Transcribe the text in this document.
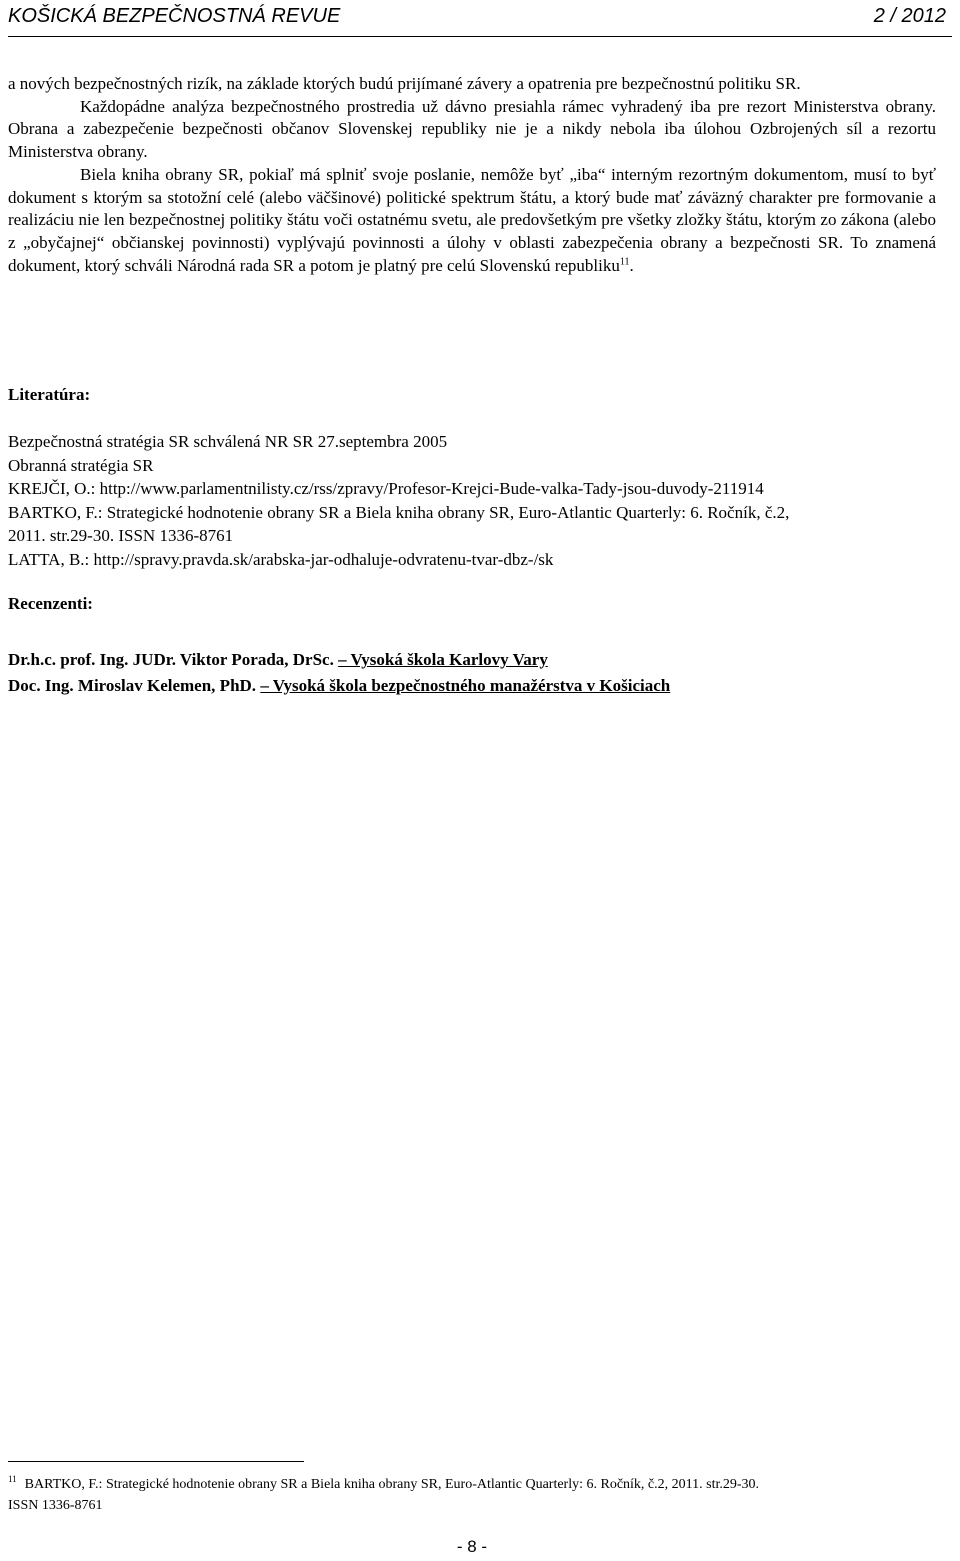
KOŠICKÁ BEZPEČNOSTNÁ REVUE	2 / 2012

a nových bezpečnostných rizík, na základe ktorých budú prijímané závery a opatrenia pre bezpečnostnú politiku SR.

Každopádne analýza bezpečnostného prostredia už dávno presiahla rámec vyhradený iba pre rezort Ministerstva obrany. Obrana a zabezpečenie bezpečnosti občanov Slovenskej republiky nie je a nikdy nebola iba úlohou Ozbrojených síl a rezortu Ministerstva obrany.

Biela kniha obrany SR, pokiaľ má splniť svoje poslanie, nemôže byť „iba“ interným rezortným dokumentom, musí to byť dokument s ktorým sa stotožní celé (alebo väčšinové) politické spektrum štátu, a ktorý bude mať záväzný charakter pre formovanie a realizáciu nie len bezpečnostnej politiky štátu voči ostatnému svetu, ale predovšetkým pre všetky zložky štátu, ktorým zo zákona (alebo z „obyčajnej“ občianskej povinnosti) vyplývajú povinnosti a úlohy v oblasti zabezpečenia obrany a bezpečnosti SR. To znamená dokument, ktorý schváli Národná rada SR a potom je platný pre celú Slovenskú republiku$^{11}$.

Literatúra:
Bezpečnostná stratégia SR schválená NR SR 27.septembra 2005
Obranná stratégia SR
KREJČI, O.: http://www.parlamentnilisty.cz/rss/zpravy/Profesor-Krejci-Bude-valka-Tady-jsou-duvody-211914
BARTKO, F.: Strategické hodnotenie obrany SR a Biela kniha obrany SR, Euro-Atlantic Quarterly: 6. Ročník, č.2,
2011. str.29-30. ISSN 1336-8761
LATTA, B.: http://spravy.pravda.sk/arabska-jar-odhaluje-odvratenu-tvar-dbz-/sk
Recenzenti:
Dr.h.c. prof. Ing. JUDr. Viktor Porada, DrSc. – Vysoká škola Karlovy Vary
Doc. Ing. Miroslav Kelemen, PhD. – Vysoká škola bezpečnostného manažérstva v Košiciach
$^{11}$ BARTKO, F.: Strategické hodnotenie obrany SR a Biela kniha obrany SR, Euro-Atlantic Quarterly: 6. Ročník, č.2, 2011. str.29-30.
ISSN 1336-8761
- 8 -
